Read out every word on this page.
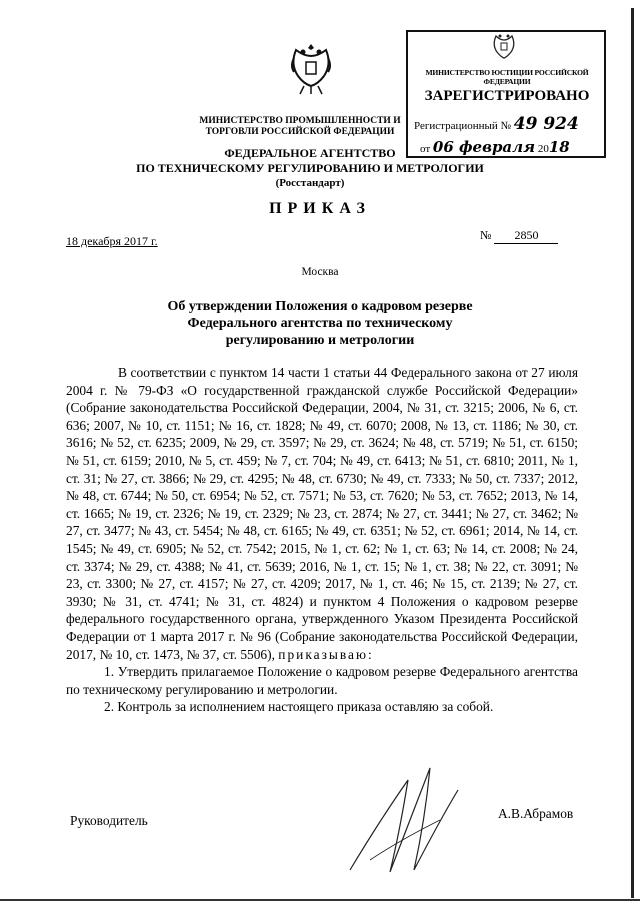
МИНИСТЕРСТВО ПРОМЫШЛЕННОСТИ И ТОРГОВЛИ РОССИЙСКОЙ ФЕДЕРАЦИИ
ФЕДЕРАЛЬНОЕ АГЕНТСТВО
ПО ТЕХНИЧЕСКОМУ РЕГУЛИРОВАНИЮ И МЕТРОЛОГИИ
(Росстандарт)
ПРИКАЗ
18 декабря 2017 г.	№ 2850
Москва
Об утверждении Положения о кадровом резерве
Федерального агентства по техническому
регулированию и метрологии

В соответствии с пунктом 14 части 1 статьи 44 Федерального закона от 27 июля 2004 г. № 79-ФЗ «О государственной гражданской службе Российской Федерации» (Собрание законодательства Российской Федерации, 2004, № 31, ст. 3215; 2006, № 6, ст. 636; 2007, № 10, ст. 1151; № 16, ст. 1828; № 49, ст. 6070; 2008, № 13, ст. 1186; № 30, ст. 3616; № 52, ст. 6235; 2009, № 29, ст. 3597; № 29, ст. 3624; № 48, ст. 5719; № 51, ст. 6150; № 51, ст. 6159; 2010, № 5, ст. 459; № 7, ст. 704; № 49, ст. 6413; № 51, ст. 6810; 2011, № 1, ст. 31; № 27, ст. 3866; № 29, ст. 4295; № 48, ст. 6730; № 49, ст. 7333; № 50, ст. 7337; 2012, № 48, ст. 6744; № 50, ст. 6954; № 52, ст. 7571; № 53, ст. 7620; № 53, ст. 7652; 2013, № 14, ст. 1665; № 19, ст. 2326; № 19, ст. 2329; № 23, ст. 2874; № 27, ст. 3441; № 27, ст. 3462; № 27, ст. 3477; № 43, ст. 5454; № 48, ст. 6165; № 49, ст. 6351; № 52, ст. 6961; 2014, № 14, ст. 1545; № 49, ст. 6905; № 52, ст. 7542; 2015, № 1, ст. 62; № 1, ст. 63; № 14, ст. 2008; № 24, ст. 3374; № 29, ст. 4388; № 41, ст. 5639; 2016, № 1, ст. 15; № 1, ст. 38; № 22, ст. 3091; № 23, ст. 3300; № 27, ст. 4157; № 27, ст. 4209; 2017, № 1, ст. 46; № 15, ст. 2139; № 27, ст. 3930; № 31, ст. 4741; № 31, ст. 4824) и пунктом 4 Положения о кадровом резерве федерального государственного органа, утвержденного Указом Президента Российской Федерации от 1 марта 2017 г. № 96 (Собрание законодательства Российской Федерации, 2017, № 10, ст. 1473, № 37, ст. 5506), приказываю:

1. Утвердить прилагаемое Положение о кадровом резерве Федерального агентства по техническому регулированию и метрологии.

2. Контроль за исполнением настоящего приказа оставляю за собой.

Руководитель	А.В.Абрамов
МИНИСТЕРСТВО ЮСТИЦИИ РОССИЙСКОЙ ФЕДЕРАЦИИ
ЗАРЕГИСТРИРОВАНО
Регистрационный № 49 924
от 06 февраля 2018
